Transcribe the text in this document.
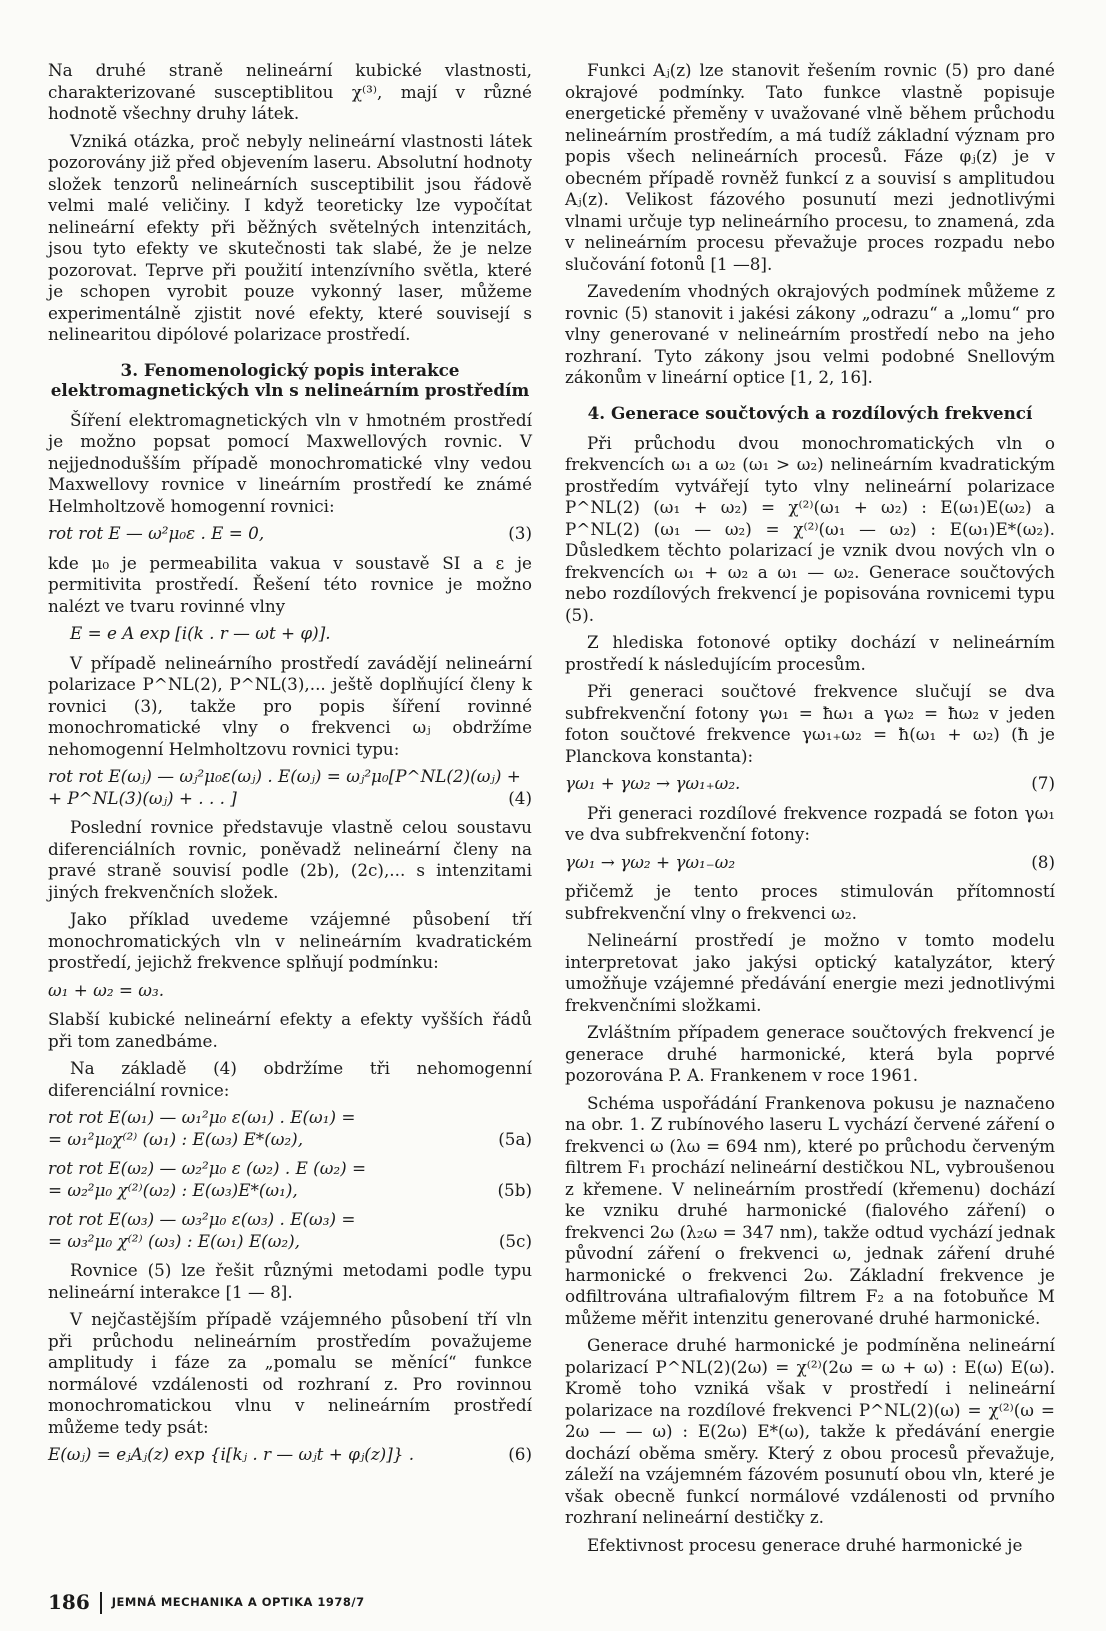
Na druhé straně nelineární kubické vlastnosti, charakterizované susceptiblitou χ⁽³⁾, mají v různé hodnotě všechny druhy látek.

Vzniká otázka, proč nebyly nelineární vlastnosti látek pozorovány již před objevením laseru. Absolutní hodnoty složek tenzorů nelineárních susceptibilit jsou řádově velmi malé veličiny. I když teoreticky lze vypočítat nelineární efekty při běžných světelných intenzitách, jsou tyto efekty ve skutečnosti tak slabé, že je nelze pozorovat. Teprve při použití intenzívního světla, které je schopen vyrobit pouze vykonný laser, můžeme experimentálně zjistit nové efekty, které souvisejí s nelinearitou dipólové polarizace prostředí.

3. Fenomenologický popis interakce elektromagnetických vln s nelineárním prostředím

Šíření elektromagnetických vln v hmotném prostředí je možno popsat pomocí Maxwellových rovnic. V nejjednodušším případě monochromatické vlny vedou Maxwellovy rovnice v lineárním prostředí ke známé Helmholtzově homogenní rovnici:

rot rot E — ω²μ₀ε . E = 0,	(3)

kde μ₀ je permeabilita vakua v soustavě SI a ε je permitivita prostředí. Řešení této rovnice je možno nalézt ve tvaru rovinné vlny

E = e A exp [i(k . r — ωt + φ)].

V případě nelineárního prostředí zavádějí nelineární polarizace P^NL(2), P^NL(3),... ještě doplňující členy k rovnici (3), takže pro popis šíření rovinné monochromatické vlny o frekvenci ωⱼ obdržíme nehomogenní Helmholtzovu rovnici typu:

rot rot E(ωⱼ) — ωⱼ²μ₀ε(ωⱼ) . E(ωⱼ) = ωⱼ²μ₀[P^NL(2)(ωⱼ) +
+ P^NL(3)(ωⱼ) + . . . ]	(4)

Poslední rovnice představuje vlastně celou soustavu diferenciálních rovnic, poněvadž nelineární členy na pravé straně souvisí podle (2b), (2c),... s intenzitami jiných frekvenčních složek.

Jako příklad uvedeme vzájemné působení tří monochromatických vln v nelineárním kvadratickém prostředí, jejichž frekvence splňují podmínku:

ω₁ + ω₂ = ω₃.

Slabší kubické nelineární efekty a efekty vyšších řádů při tom zanedbáme.

Na základě (4) obdržíme tři nehomogenní diferenciální rovnice:

rot rot E(ω₁) — ω₁²μ₀ ε(ω₁) . E(ω₁) =
= ω₁²μ₀χ⁽²⁾ (ω₁) : E(ω₃) E*(ω₂),	(5a)
rot rot E(ω₂) — ω₂²μ₀ ε (ω₂) . E (ω₂) =
= ω₂²μ₀ χ⁽²⁾(ω₂) : E(ω₃)E*(ω₁),	(5b)
rot rot E(ω₃) — ω₃²μ₀ ε(ω₃) . E(ω₃) =
= ω₃²μ₀ χ⁽²⁾ (ω₃) : E(ω₁) E(ω₂),	(5c)

Rovnice (5) lze řešit různými metodami podle typu nelineární interakce [1 — 8].

V nejčastějším případě vzájemného působení tří vln při průchodu nelineárním prostředím považujeme amplitudy i fáze za „pomalu se měnící“ funkce normálové vzdálenosti od rozhraní z. Pro rovinnou monochromatickou vlnu v nelineárním prostředí můžeme tedy psát:

E(ωⱼ) = eⱼAⱼ(z) exp {i[kⱼ . r — ωⱼt + φⱼ(z)]} .	(6)

Funkci Aⱼ(z) lze stanovit řešením rovnic (5) pro dané okrajové podmínky. Tato funkce vlastně popisuje energetické přeměny v uvažované vlně během průchodu nelineárním prostředím, a má tudíž základní význam pro popis všech nelineárních procesů. Fáze φⱼ(z) je v obecném případě rovněž funkcí z a souvisí s amplitudou Aⱼ(z). Velikost fázového posunutí mezi jednotlivými vlnami určuje typ nelineárního procesu, to znamená, zda v nelineárním procesu převažuje proces rozpadu nebo slučování fotonů [1 —8].

Zavedením vhodných okrajových podmínek můžeme z rovnic (5) stanovit i jakési zákony „odrazu“ a „lomu“ pro vlny generované v nelineárním prostředí nebo na jeho rozhraní. Tyto zákony jsou velmi podobné Snellovým zákonům v lineární optice [1, 2, 16].

4. Generace součtových a rozdílových frekvencí

Při průchodu dvou monochromatických vln o frekvencích ω₁ a ω₂ (ω₁ > ω₂) nelineárním kvadratickým prostředím vytvářejí tyto vlny nelineární polarizace P^NL(2) (ω₁ + ω₂) = χ⁽²⁾(ω₁ + ω₂) : E(ω₁)E(ω₂) a P^NL(2) (ω₁ — ω₂) = χ⁽²⁾(ω₁ — ω₂) : E(ω₁)E*(ω₂). Důsledkem těchto polarizací je vznik dvou nových vln o frekvencích ω₁ + ω₂ a ω₁ — ω₂. Generace součtových nebo rozdílových frekvencí je popisována rovnicemi typu (5).

Z hlediska fotonové optiky dochází v nelineárním prostředí k následujícím procesům.

Při generaci součtové frekvence slučují se dva subfrekvenční fotony γω₁ = ħω₁ a γω₂ = ħω₂ v jeden foton součtové frekvence γω₁₊ω₂ = ħ(ω₁ + ω₂) (ħ je Planckova konstanta):

γω₁ + γω₂ → γω₁₊ω₂.	(7)

Při generaci rozdílové frekvence rozpadá se foton γω₁ ve dva subfrekvenční fotony:

γω₁ → γω₂ + γω₁₋ω₂	(8)

přičemž je tento proces stimulován přítomností subfrekvenční vlny o frekvenci ω₂.

Nelineární prostředí je možno v tomto modelu interpretovat jako jakýsi optický katalyzátor, který umožňuje vzájemné předávání energie mezi jednotlivými frekvenčními složkami.

Zvláštním případem generace součtových frekvencí je generace druhé harmonické, která byla poprvé pozorována P. A. Frankenem v roce 1961.

Schéma uspořádání Frankenova pokusu je naznačeno na obr. 1. Z rubínového laseru L vychází červené záření o frekvenci ω (λω = 694 nm), které po průchodu červeným filtrem F₁ prochází nelineární destičkou NL, vybroušenou z křemene. V nelineárním prostředí (křemenu) dochází ke vzniku druhé harmonické (fialového záření) o frekvenci 2ω (λ₂ω = 347 nm), takže odtud vychází jednak původní záření o frekvenci ω, jednak záření druhé harmonické o frekvenci 2ω. Základní frekvence je odfiltrována ultrafialovým filtrem F₂ a na fotobuňce M můžeme měřit intenzitu generované druhé harmonické.

Generace druhé harmonické je podmíněna nelineární polarizací P^NL(2)(2ω) = χ⁽²⁾(2ω = ω + ω) : E(ω) E(ω). Kromě toho vzniká však v prostředí i nelineární polarizace na rozdílové frekvenci P^NL(2)(ω) = χ⁽²⁾(ω = 2ω — — ω) : E(2ω) E*(ω), takže k předávání energie dochází oběma směry. Který z obou procesů převažuje, záleží na vzájemném fázovém posunutí obou vln, které je však obecně funkcí normálové vzdálenosti od prvního rozhraní nelineární destičky z.

Efektivnost procesu generace druhé harmonické je

186 JEMNÁ MECHANIKA A OPTIKA 1978/7
